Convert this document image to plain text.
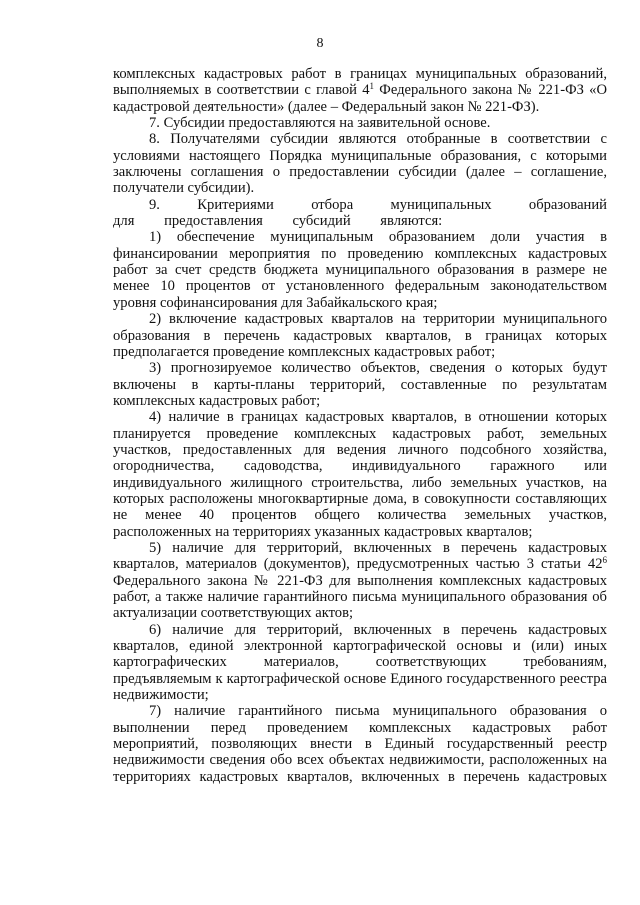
8

комплексных кадастровых работ в границах муниципальных образований, выполняемых в соответствии с главой $4^1$ Федерального закона № 221-ФЗ «О кадастровой деятельности» (далее – Федеральный закон № 221-ФЗ).

7. Субсидии предоставляются на заявительной основе.

8. Получателями субсидии являются отобранные в соответствии с условиями настоящего Порядка муниципальные образования, с которыми заключены соглашения о предоставлении субсидии (далее – соглашение, получатели субсидии).

9. Критериями отбора муниципальных образований для предоставления субсидий являются:

1) обеспечение муниципальным образованием доли участия в финансировании мероприятия по проведению комплексных кадастровых работ за счет средств бюджета муниципального образования в размере не менее 10 процентов от установленного федеральным законодательством уровня софинансирования для Забайкальского края;

2) включение кадастровых кварталов на территории муниципального образования в перечень кадастровых кварталов, в границах которых предполагается проведение комплексных кадастровых работ;

3) прогнозируемое количество объектов, сведения о которых будут включены в карты-планы территорий, составленные по результатам комплексных кадастровых работ;

4) наличие в границах кадастровых кварталов, в отношении которых планируется проведение комплексных кадастровых работ, земельных участков, предоставленных для ведения личного подсобного хозяйства, огородничества, садоводства, индивидуального гаражного или индивидуального жилищного строительства, либо земельных участков, на которых расположены многоквартирные дома, в совокупности составляющих не менее 40 процентов общего количества земельных участков, расположенных на территориях указанных кадастровых кварталов;

5) наличие для территорий, включенных в перечень кадастровых кварталов, материалов (документов), предусмотренных частью 3 статьи $42^6$ Федерального закона № 221-ФЗ для выполнения комплексных кадастровых работ, а также наличие гарантийного письма муниципального образования об актуализации соответствующих актов;

6) наличие для территорий, включенных в перечень кадастровых кварталов, единой электронной картографической основы и (или) иных картографических материалов, соответствующих требованиям, предъявляемым к картографической основе Единого государственного реестра недвижимости;

7) наличие гарантийного письма муниципального образования о выполнении перед проведением комплексных кадастровых работ мероприятий, позволяющих внести в Единый государственный реестр недвижимости сведения обо всех объектах недвижимости, расположенных на территориях кадастровых кварталов, включенных в перечень кадастровых
